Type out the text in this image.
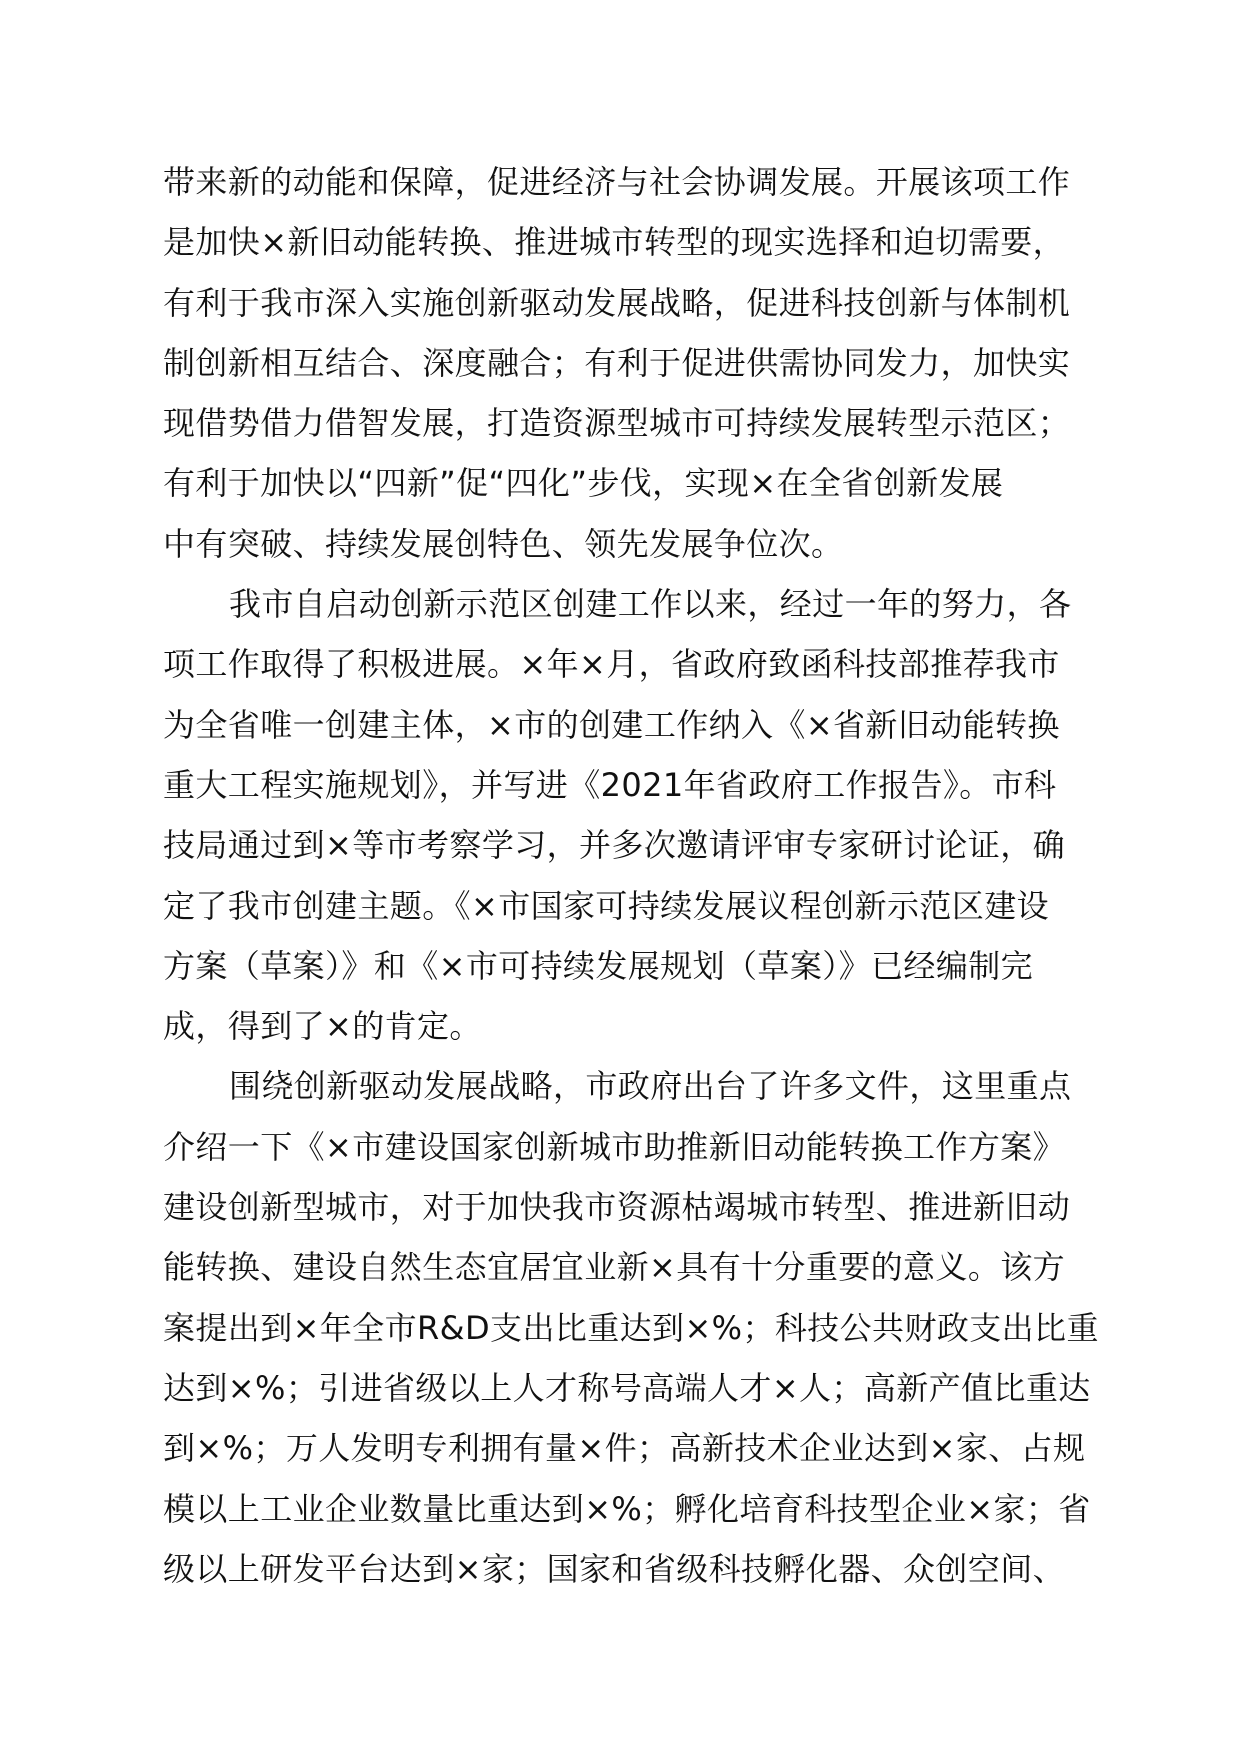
带来新的动能和保障，促进经济与社会协调发展。开展该项工作
是加快×新旧动能转换、推进城市转型的现实选择和迫切需要，
有利于我市深入实施创新驱动发展战略，促进科技创新与体制机
制创新相互结合、深度融合；有利于促进供需协同发力，加快实
现借势借力借智发展，打造资源型城市可持续发展转型示范区；
有利于加快以“四新”促“四化”步伐，实现×在全省创新发展
中有突破、持续发展创特色、领先发展争位次。
我市自启动创新示范区创建工作以来，经过一年的努力，各
项工作取得了积极进展。×年×月，省政府致函科技部推荐我市
为全省唯一创建主体，×市的创建工作纳入《×省新旧动能转换
重大工程实施规划》，并写进《2021年省政府工作报告》。市科
技局通过到×等市考察学习，并多次邀请评审专家研讨论证，确
定了我市创建主题。《×市国家可持续发展议程创新示范区建设
方案（草案）》和《×市可持续发展规划（草案）》已经编制完
成，得到了×的肯定。
围绕创新驱动发展战略，市政府出台了许多文件，这里重点
介绍一下《×市建设国家创新城市助推新旧动能转换工作方案》
建设创新型城市，对于加快我市资源枯竭城市转型、推进新旧动
能转换、建设自然生态宜居宜业新×具有十分重要的意义。该方
案提出到×年全市R&D支出比重达到×%；科技公共财政支出比重
达到×%；引进省级以上人才称号高端人才×人；高新产值比重达
到×%；万人发明专利拥有量×件；高新技术企业达到×家、占规
模以上工业企业数量比重达到×%；孵化培育科技型企业×家；省
级以上研发平台达到×家；国家和省级科技孵化器、众创空间、
